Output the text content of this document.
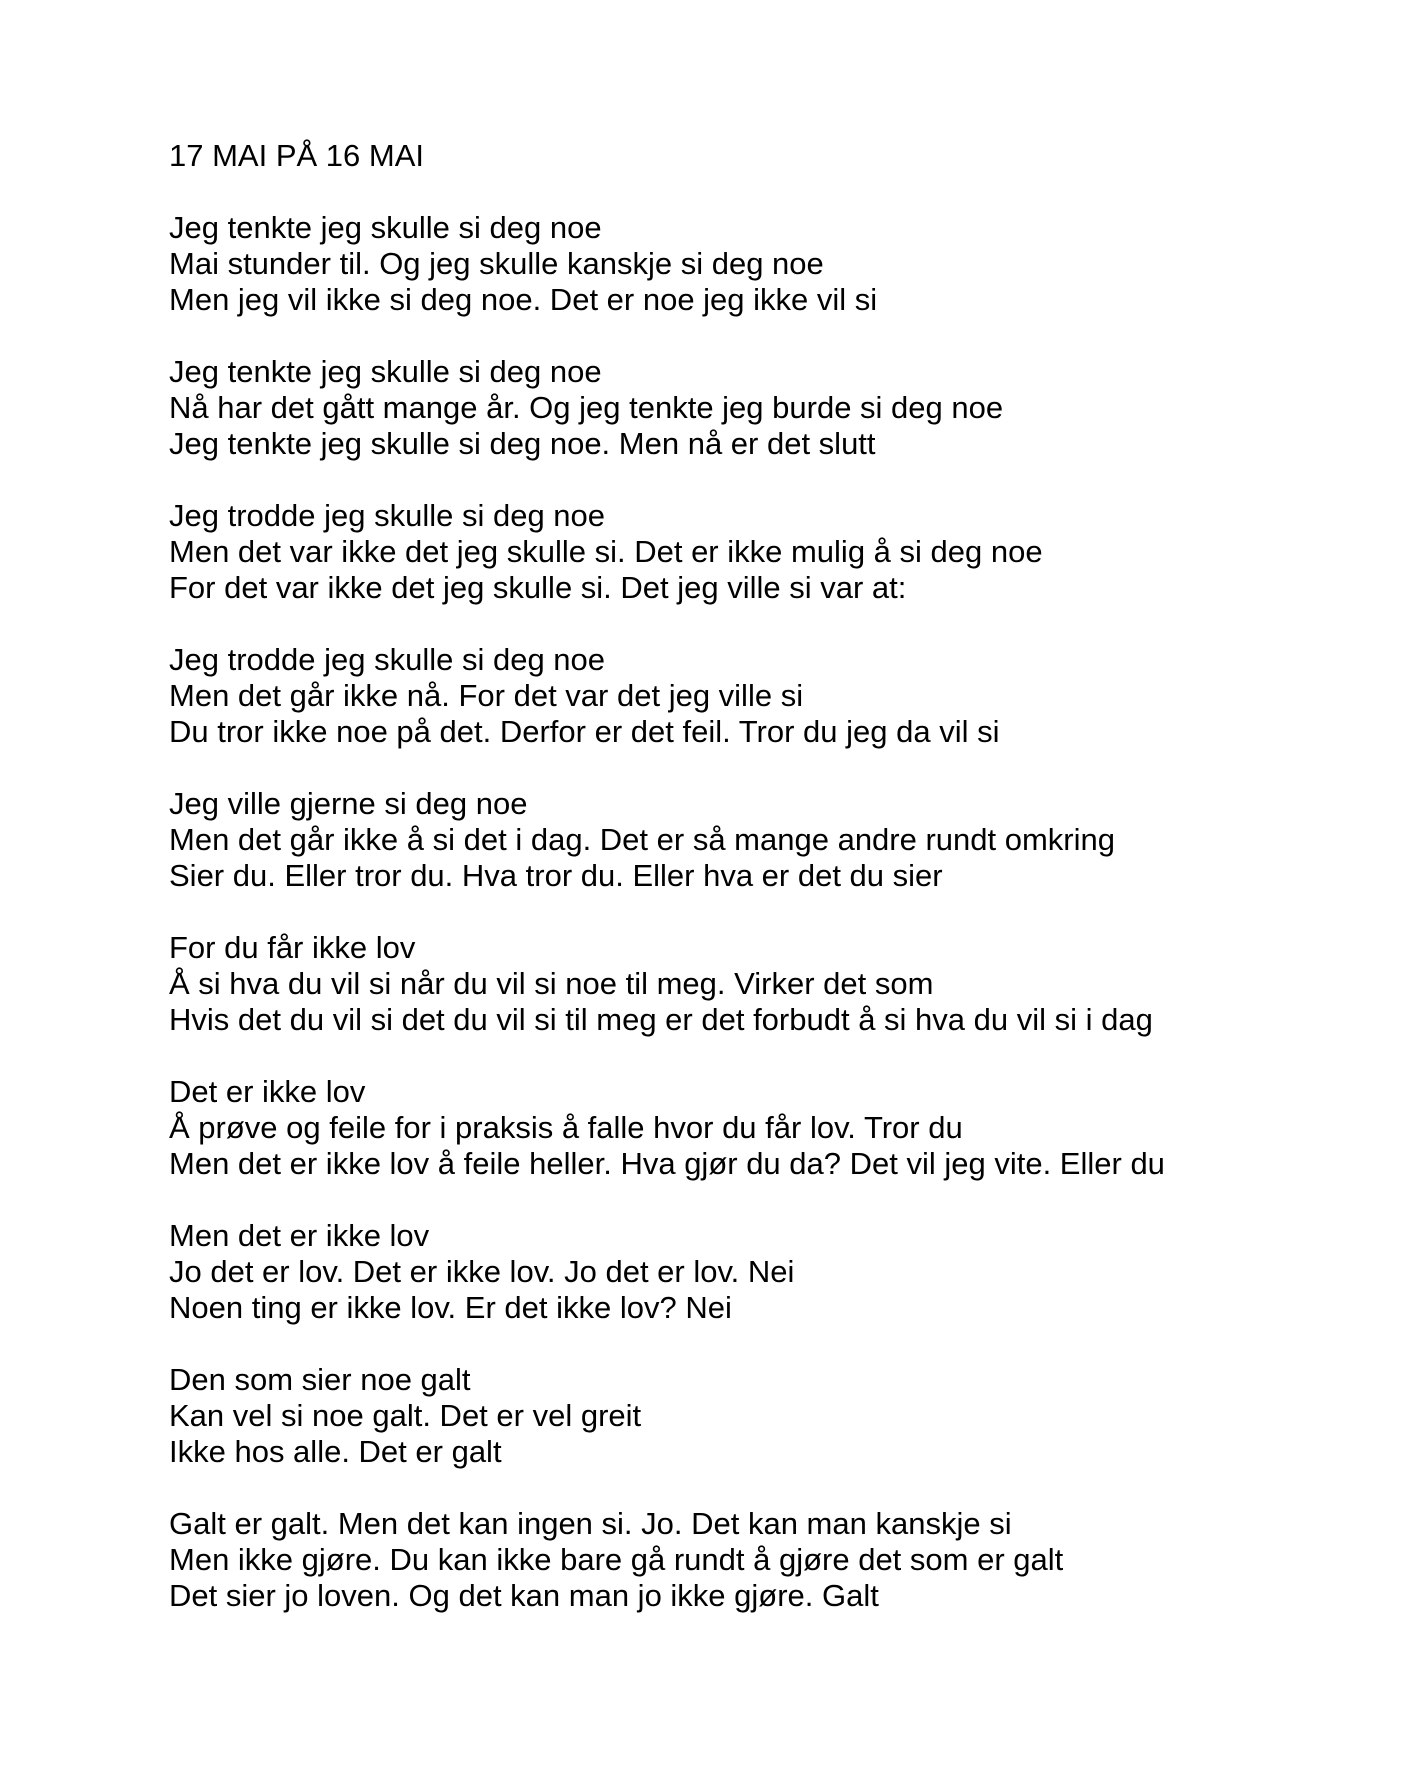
17 MAI PÅ 16 MAI
Jeg tenkte jeg skulle si deg noe
Mai stunder til. Og jeg skulle kanskje si deg noe
Men jeg vil ikke si deg noe. Det er noe jeg ikke vil si
Jeg tenkte jeg skulle si deg noe
Nå har det gått mange år. Og jeg tenkte jeg burde si deg noe
Jeg tenkte jeg skulle si deg noe. Men nå er det slutt
Jeg trodde jeg skulle si deg noe
Men det var ikke det jeg skulle si. Det er ikke mulig å si deg noe
For det var ikke det jeg skulle si. Det jeg ville si var at:
Jeg trodde jeg skulle si deg noe
Men det går ikke nå. For det var det jeg ville si
Du tror ikke noe på det. Derfor er det feil. Tror du jeg da vil si
Jeg ville gjerne si deg noe
Men det går ikke å si det i dag. Det er så mange andre rundt omkring
Sier du. Eller tror du. Hva tror du. Eller hva er det du sier
For du får ikke lov
Å si hva du vil si når du vil si noe til meg. Virker det som
Hvis det du vil si det du vil si til meg er det forbudt å si hva du vil si i dag
Det er ikke lov
Å prøve og feile for i praksis å falle hvor du får lov. Tror du
Men det er ikke lov å feile heller. Hva gjør du da? Det vil jeg vite. Eller du
Men det er ikke lov
Jo det er lov. Det er ikke lov. Jo det er lov. Nei
Noen ting er ikke lov. Er det ikke lov? Nei
Den som sier noe galt
Kan vel si noe galt. Det er vel greit
Ikke hos alle. Det er galt
Galt er galt. Men det kan ingen si. Jo. Det kan man kanskje si
Men ikke gjøre. Du kan ikke bare gå rundt å gjøre det som er galt
Det sier jo loven. Og det kan man jo ikke gjøre. Galt
